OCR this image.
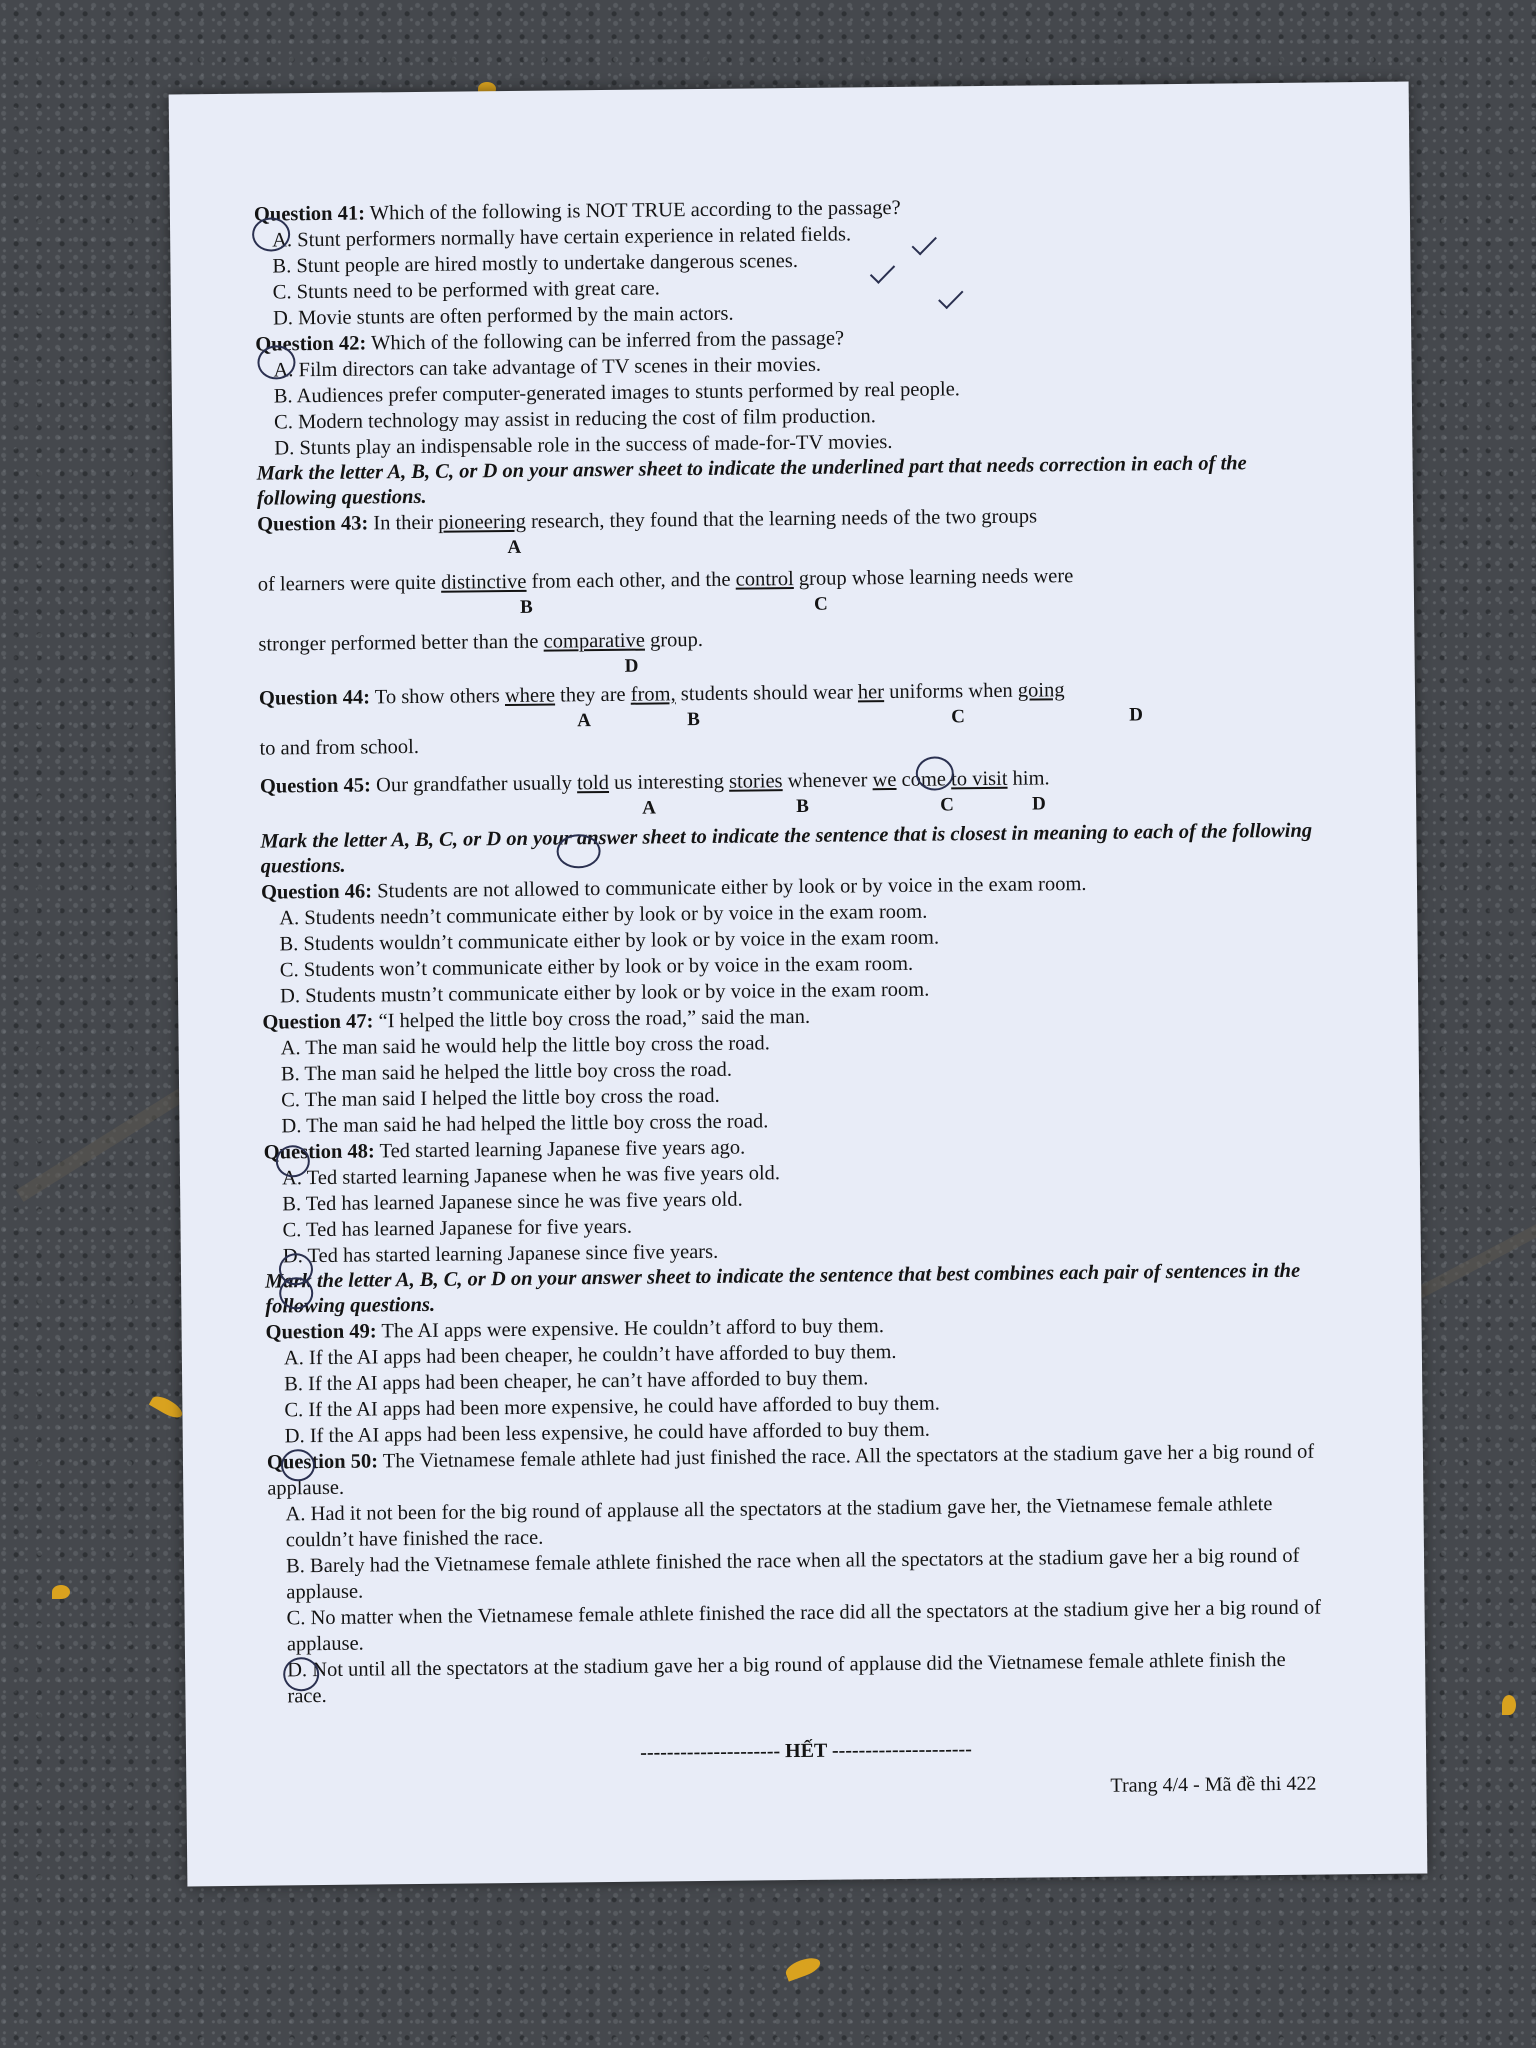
Question 41: Which of the following is NOT TRUE according to the passage?

A. Stunt performers normally have certain experience in related fields.

B. Stunt people are hired mostly to undertake dangerous scenes.

C. Stunts need to be performed with great care.

D. Movie stunts are often performed by the main actors.

Question 42: Which of the following can be inferred from the passage?

A. Film directors can take advantage of TV scenes in their movies.

B. Audiences prefer computer-generated images to stunts performed by real people.

C. Modern technology may assist in reducing the cost of film production.

D. Stunts play an indispensable role in the success of made-for-TV movies.

Mark the letter A, B, C, or D on your answer sheet to indicate the underlined part that needs correction in each of the following questions.

Question 43: In their pioneering research, they found that the learning needs of the two groups

A

of learners were quite distinctive from each other, and the control group whose learning needs were

B	C

stronger performed better than the comparative group.

D

Question 44: To show others where they are from, students should wear her uniforms when going

A	B	C	D

to and from school.

Question 45: Our grandfather usually told us interesting stories whenever we come to visit him.

A	B	C	D

Mark the letter A, B, C, or D on your answer sheet to indicate the sentence that is closest in meaning to each of the following questions.

Question 46: Students are not allowed to communicate either by look or by voice in the exam room.

A. Students needn’t communicate either by look or by voice in the exam room.

B. Students wouldn’t communicate either by look or by voice in the exam room.

C. Students won’t communicate either by look or by voice in the exam room.

D. Students mustn’t communicate either by look or by voice in the exam room.

Question 47: “I helped the little boy cross the road,” said the man.

A. The man said he would help the little boy cross the road.

B. The man said he helped the little boy cross the road.

C. The man said I helped the little boy cross the road.

D. The man said he had helped the little boy cross the road.

Question 48: Ted started learning Japanese five years ago.

A. Ted started learning Japanese when he was five years old.

B. Ted has learned Japanese since he was five years old.

C. Ted has learned Japanese for five years.

D. Ted has started learning Japanese since five years.

Mark the letter A, B, C, or D on your answer sheet to indicate the sentence that best combines each pair of sentences in the following questions.

Question 49: The AI apps were expensive. He couldn’t afford to buy them.

A. If the AI apps had been cheaper, he couldn’t have afforded to buy them.

B. If the AI apps had been cheaper, he can’t have afforded to buy them.

C. If the AI apps had been more expensive, he could have afforded to buy them.

D. If the AI apps had been less expensive, he could have afforded to buy them.

Question 50: The Vietnamese female athlete had just finished the race. All the spectators at the stadium gave her a big round of applause.

A. Had it not been for the big round of applause all the spectators at the stadium gave her, the Vietnamese female athlete couldn’t have finished the race.

B. Barely had the Vietnamese female athlete finished the race when all the spectators at the stadium gave her a big round of applause.

C. No matter when the Vietnamese female athlete finished the race did all the spectators at the stadium give her a big round of applause.

D. Not until all the spectators at the stadium gave her a big round of applause did the Vietnamese female athlete finish the race.

--------------------- HẾT ---------------------
Trang 4/4 - Mã đề thi 422
